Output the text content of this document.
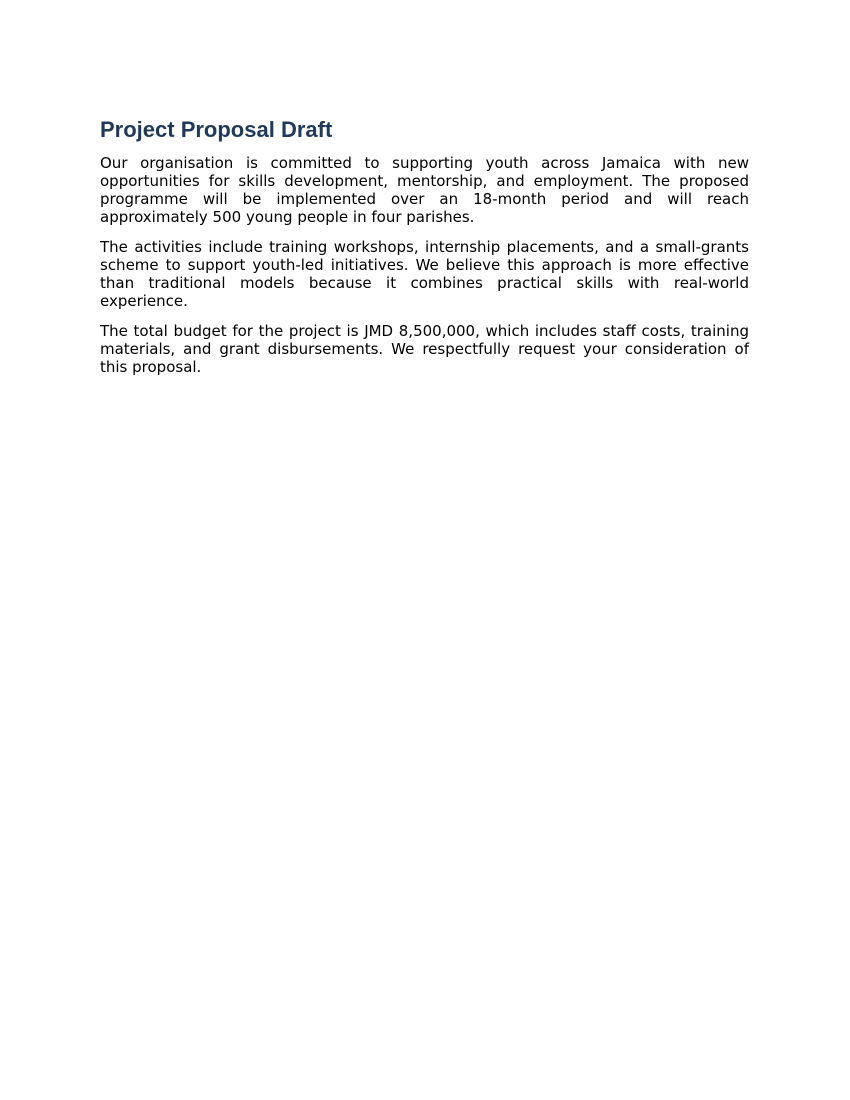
Project Proposal Draft

Our organisation is committed to supporting youth across Jamaica with new opportunities for skills development, mentorship, and employment. The proposed programme will be implemented over an 18-month period and will reach approximately 500 young people in four parishes.

The activities include training workshops, internship placements, and a small-grants scheme to support youth-led initiatives. We believe this approach is more effective than traditional models because it combines practical skills with real-world experience.

The total budget for the project is JMD 8,500,000, which includes staff costs, training materials, and grant disbursements. We respectfully request your consideration of this proposal.
